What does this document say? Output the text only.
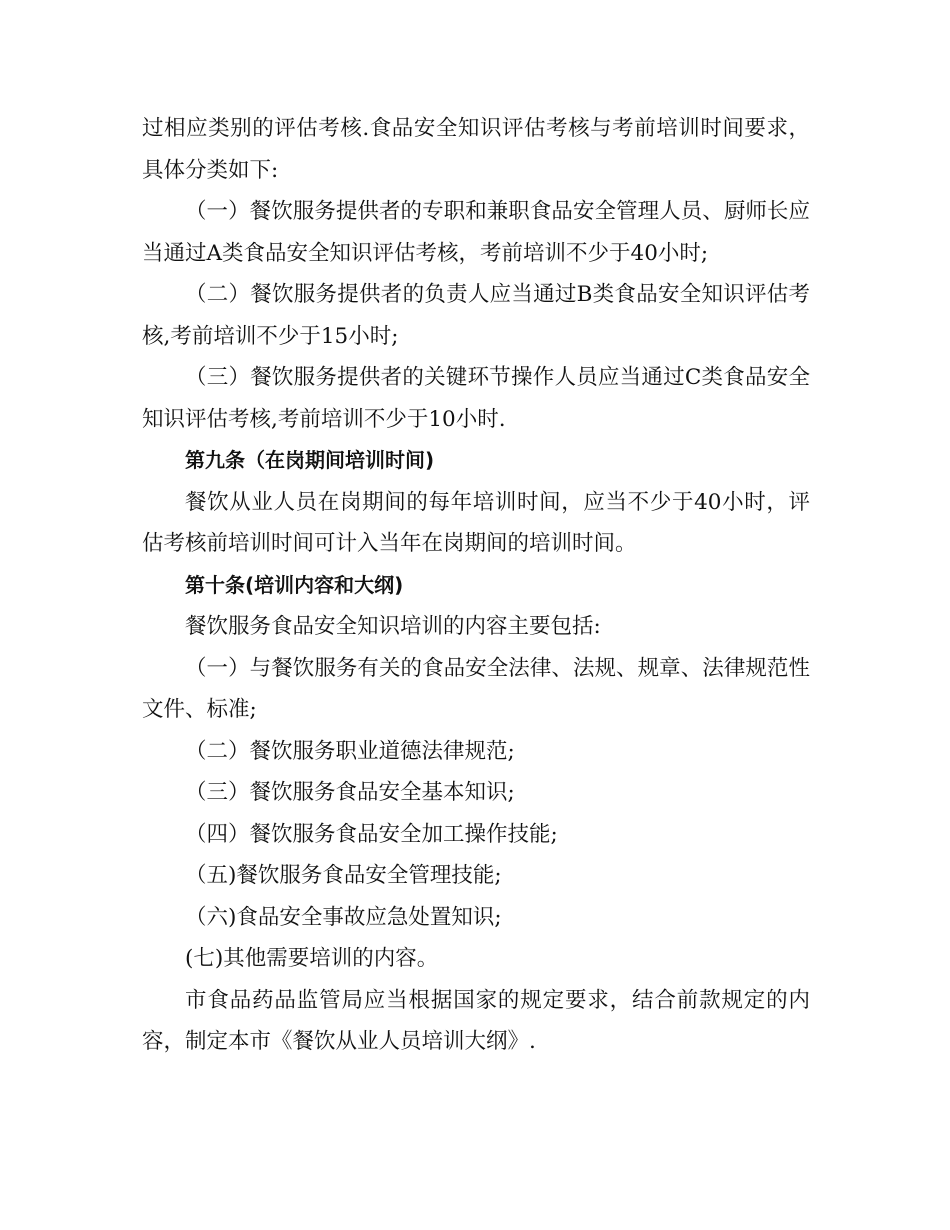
过相应类别的评估考核.食品安全知识评估考核与考前培训时间要求，具体分类如下:

（一）餐饮服务提供者的专职和兼职食品安全管理人员、厨师长应当通过A类食品安全知识评估考核，考前培训不少于40小时;

（二）餐饮服务提供者的负责人应当通过B类食品安全知识评估考核,考前培训不少于15小时;

（三）餐饮服务提供者的关键环节操作人员应当通过C类食品安全知识评估考核,考前培训不少于10小时.

第九条（在岗期间培训时间)

餐饮从业人员在岗期间的每年培训时间，应当不少于40小时，评估考核前培训时间可计入当年在岗期间的培训时间。

第十条(培训内容和大纲)

餐饮服务食品安全知识培训的内容主要包括:

（一）与餐饮服务有关的食品安全法律、法规、规章、法律规范性文件、标准;

（二）餐饮服务职业道德法律规范;

（三）餐饮服务食品安全基本知识;

（四）餐饮服务食品安全加工操作技能;

（五)餐饮服务食品安全管理技能;

（六)食品安全事故应急处置知识;

(七)其他需要培训的内容。

市食品药品监管局应当根据国家的规定要求，结合前款规定的内容，制定本市《餐饮从业人员培训大纲》.
